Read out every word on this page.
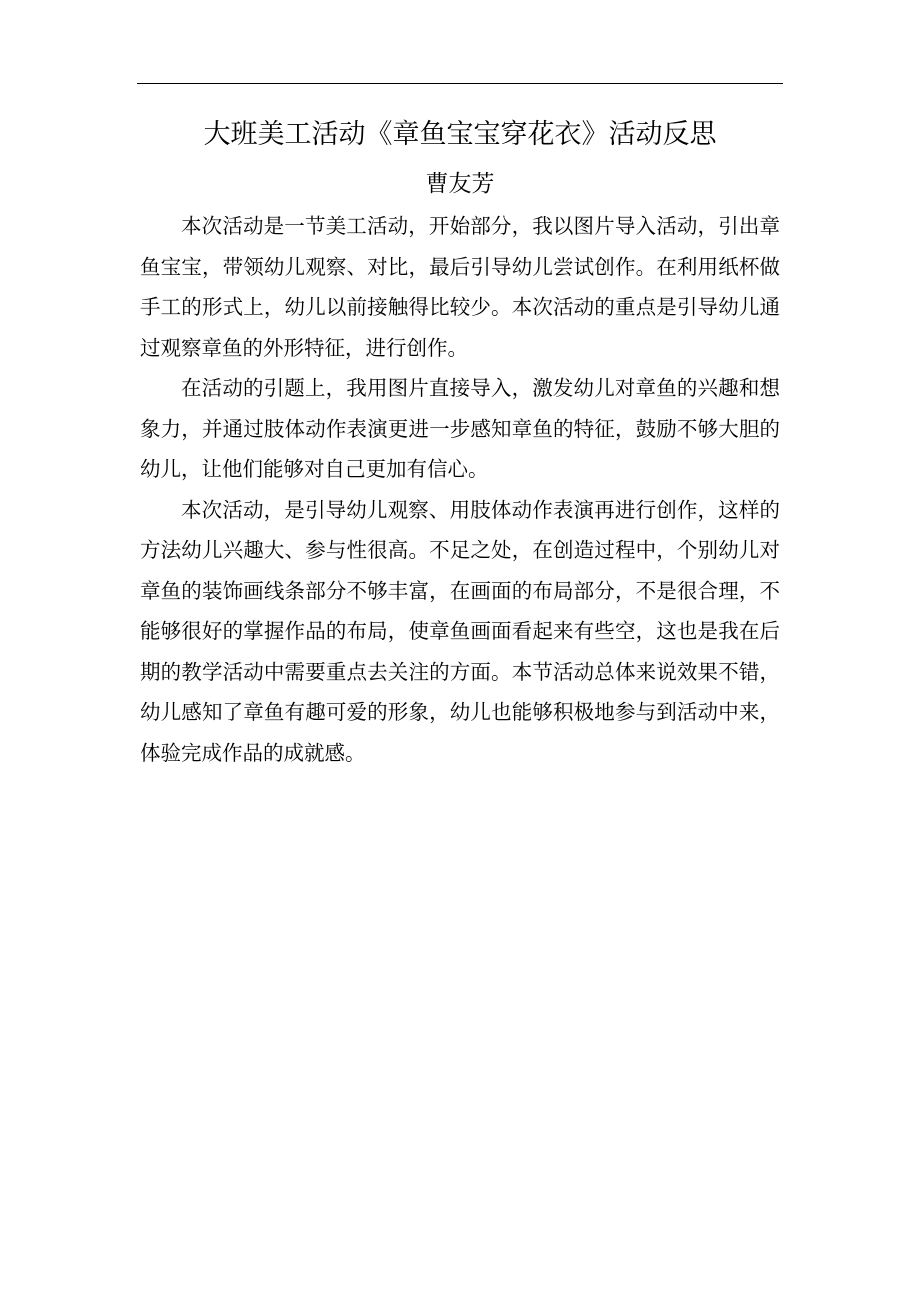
大班美工活动《章鱼宝宝穿花衣》活动反思
曹友芳

本次活动是一节美工活动，开始部分，我以图片导入活动，引出章鱼宝宝，带领幼儿观察、对比，最后引导幼儿尝试创作。在利用纸杯做手工的形式上，幼儿以前接触得比较少。本次活动的重点是引导幼儿通过观察章鱼的外形特征，进行创作。

在活动的引题上，我用图片直接导入，激发幼儿对章鱼的兴趣和想象力，并通过肢体动作表演更进一步感知章鱼的特征，鼓励不够大胆的幼儿，让他们能够对自己更加有信心。

本次活动，是引导幼儿观察、用肢体动作表演再进行创作，这样的方法幼儿兴趣大、参与性很高。不足之处，在创造过程中，个别幼儿对章鱼的装饰画线条部分不够丰富，在画面的布局部分，不是很合理，不能够很好的掌握作品的布局，使章鱼画面看起来有些空，这也是我在后期的教学活动中需要重点去关注的方面。本节活动总体来说效果不错，幼儿感知了章鱼有趣可爱的形象，幼儿也能够积极地参与到活动中来，体验完成作品的成就感。
